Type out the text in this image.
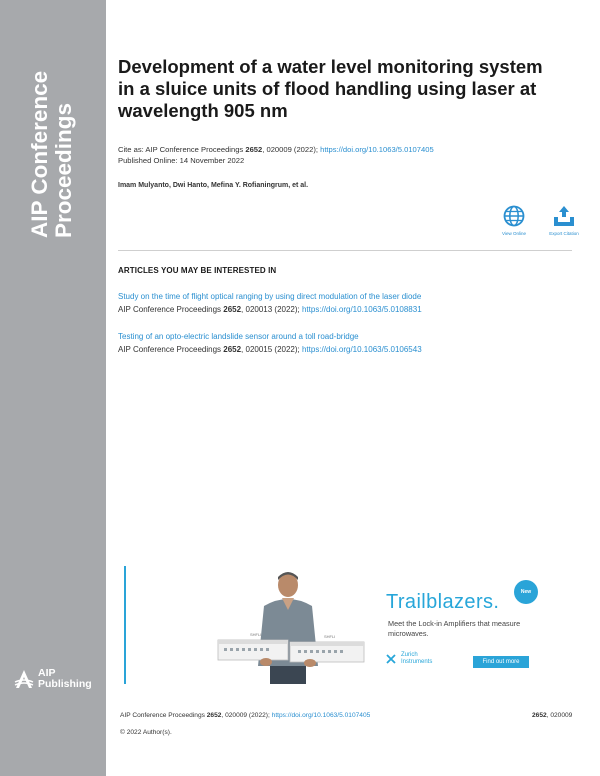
AIP Conference Proceedings
AIP
Publishing
Development of a water level monitoring system in a sluice units of flood handling using laser at wavelength 905 nm
Cite as: AIP Conference Proceedings 2652, 020009 (2022); https://doi.org/10.1063/5.0107405
Published Online: 14 November 2022
Imam Mulyanto, Dwi Hanto, Mefina Y. Rofianingrum, et al.
View Online	Export Citation
ARTICLES YOU MAY BE INTERESTED IN
Study on the time of flight optical ranging by using direct modulation of the laser diode
AIP Conference Proceedings 2652, 020013 (2022); https://doi.org/10.1063/5.0108831
Testing of an opto-electric landslide sensor around a toll road-bridge
AIP Conference Proceedings 2652, 020015 (2022); https://doi.org/10.1063/5.0106543
SHFLI	SHFLI
New
Trailblazers.
Meet the Lock-in Amplifiers that measure microwaves.
Zurich
Instruments	Find out more
AIP Conference Proceedings 2652, 020009 (2022); https://doi.org/10.1063/5.0107405	2652, 020009
© 2022 Author(s).
